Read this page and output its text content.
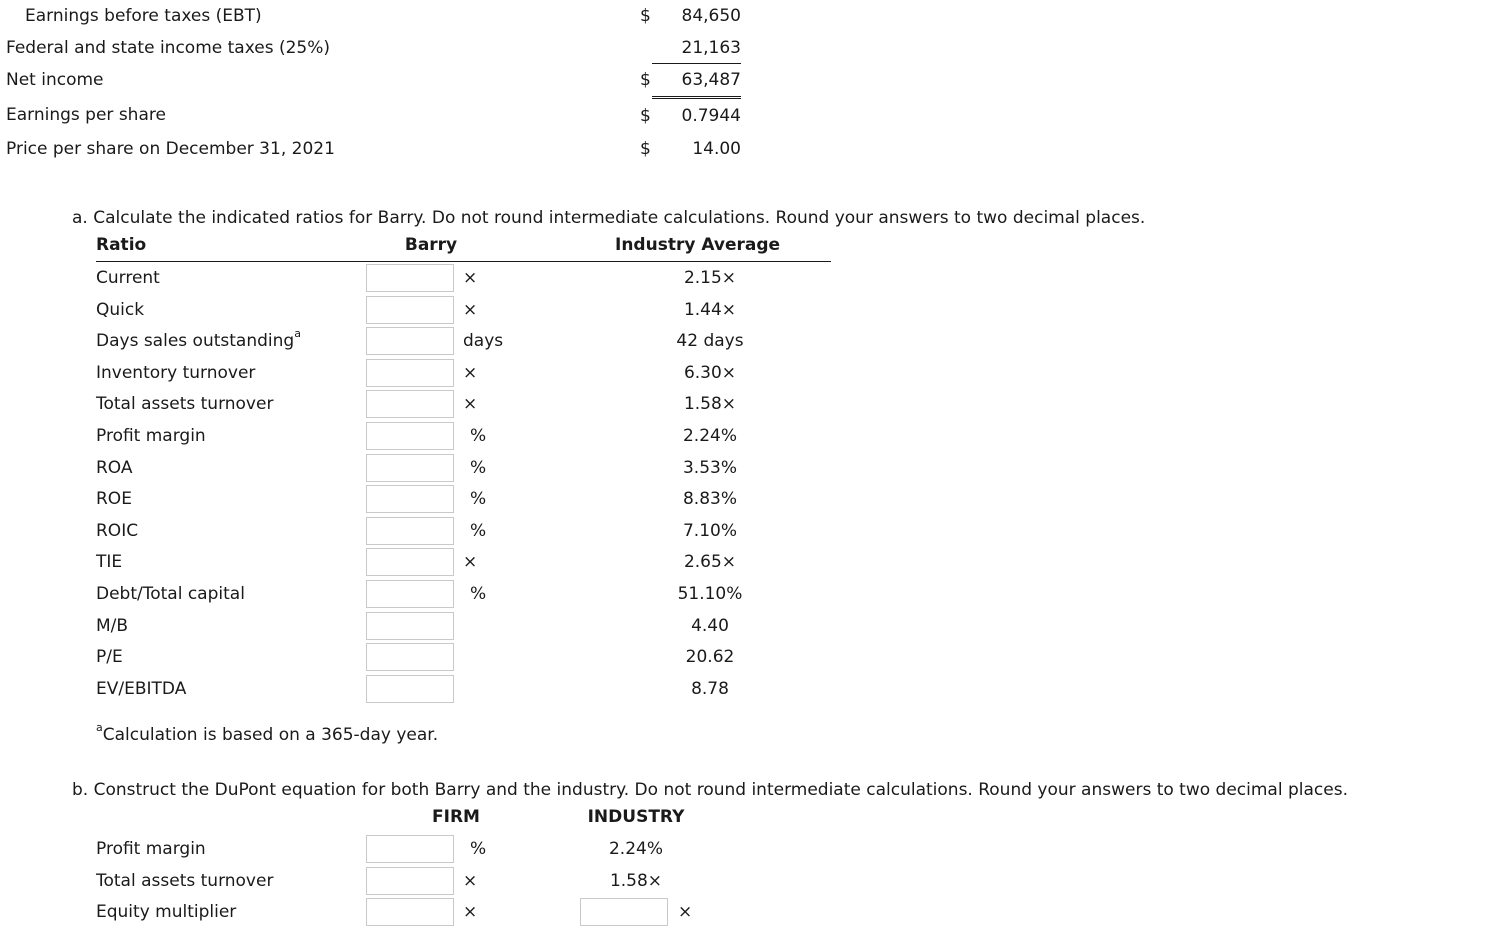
Earnings before taxes (EBT)	$	84,650
Federal and state income taxes (25%)	21,163
Net income	$	63,487
Earnings per share	$	0.7944
Price per share on December 31, 2021	$	14.00
a. Calculate the indicated ratios for Barry. Do not round intermediate calculations. Round your answers to two decimal places.
Ratio	Barry	Industry Average
Current	×	2.15×
Quick	×	1.44×
Days sales outstanding$^a$	days	42 days
Inventory turnover	×	6.30×
Total assets turnover	×	1.58×
Profit margin	%	2.24%
ROA	%	3.53%
ROE	%	8.83%
ROIC	%	7.10%
TIE	×	2.65×
Debt/Total capital	%	51.10%
M/B	4.40
P/E	20.62
EV/EBITDA	8.78
$^a$Calculation is based on a 365-day year.
b. Construct the DuPont equation for both Barry and the industry. Do not round intermediate calculations. Round your answers to two decimal places.
FIRM	INDUSTRY
Profit margin	%	2.24%
Total assets turnover	×	1.58×
Equity multiplier	×	×
